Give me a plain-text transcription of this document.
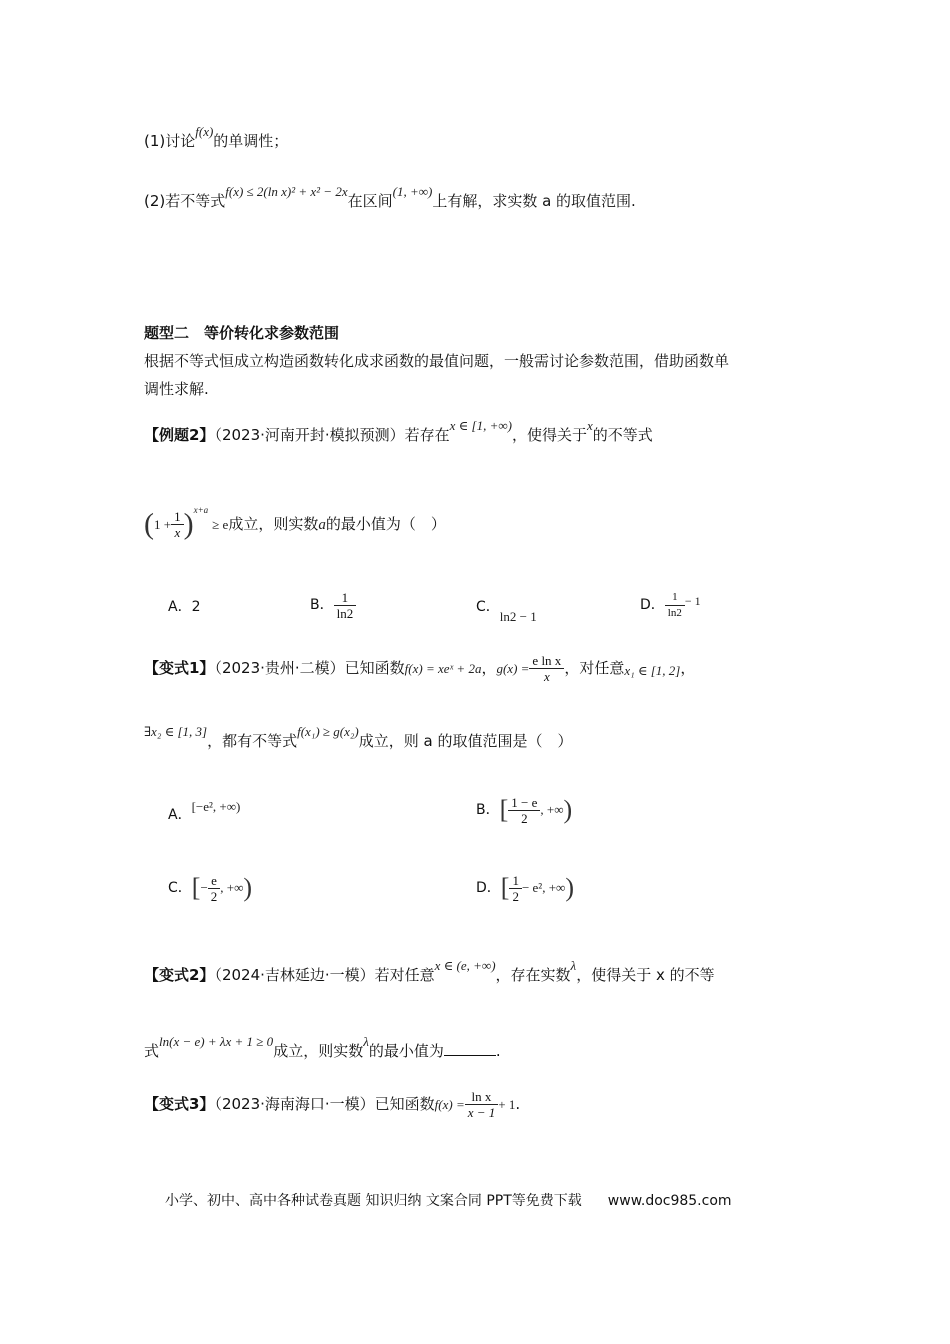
(1)讨论f(x)的单调性；
(2)若不等式f(x) ≤ 2(ln x)² + x² − 2x在区间(1, +∞)上有解，求实数 a 的取值范围.
题型二　等价转化求参数范围
根据不等式恒成立构造函数转化成求函数的最值问题，一般需讨论参数范围，借助函数单
调性求解.
【例题2】（2023·河南开封·模拟预测）若存在x ∈ [1, +∞)，使得关于x的不等式
$(1 + \frac{1}{x} )^{x+a}\ge e$成立，则实数a的最小值为（　）
A．2	B． $\frac{1}{\ln 2}$	C．ln2 − 1
D． $\frac{1}{\ln 2} - 1$
【变式1】（2023·贵州·二模）已知函数f(x) = xeˣ + 2a，$g(x) = \frac{\text{e ln x}}{x}$ ，对任意x₁ ∈ [1, 2]，
∃x₂ ∈ [1, 3]，都有不等式f(x₁) ≥ g(x₂)成立，则 a 的取值范围是（　）
A．[−e², +∞)	B．[ $\frac{1 - e}{2}$ , +∞)
C．[− $\frac{e}{2}$ , +∞)	D．[ $\frac{1}{2} - e^2$, +∞)
【变式2】（2024·吉林延边·一模）若对任意x ∈ (e, +∞)，存在实数λ，使得关于 x 的不等
式ln(x − e) + λx + 1 ≥ 0成立，则实数λ的最小值为	.
【变式3】（2023·海南海口·一模）已知函数$f(x) = \frac{\text{ln x}}{x - 1} + 1$.
小学、初中、高中各种试卷真题 知识归纳 文案合同 PPT等免费下载 www.doc985.com
